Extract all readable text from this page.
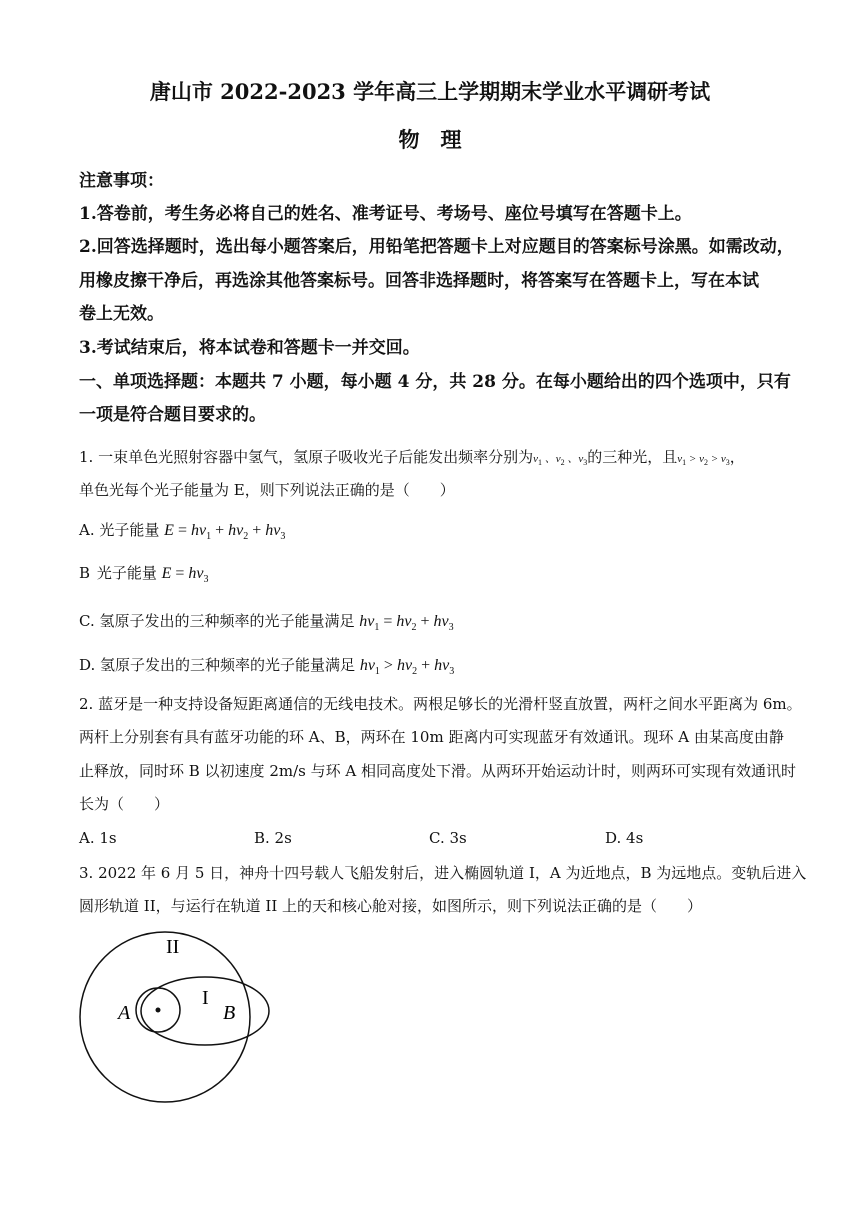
唐山市 2022-2023 学年高三上学期期末学业水平调研考试
物　理
注意事项：
1.答卷前，考生务必将自己的姓名、准考证号、考场号、座位号填写在答题卡上。
2.回答选择题时，选出每小题答案后，用铅笔把答题卡上对应题目的答案标号涂黑。如需改动，
用橡皮擦干净后，再选涂其他答案标号。回答非选择题时，将答案写在答题卡上，写在本试
卷上无效。
3.考试结束后，将本试卷和答题卡一并交回。
一、单项选择题：本题共 7 小题，每小题 4 分，共 28 分。在每小题给出的四个选项中，只有
一项是符合题目要求的。
1. 一束单色光照射容器中氢气，氢原子吸收光子后能发出频率分别为$\nu_1$ 、$\nu_2$ 、$\nu_3$的三种光，且$\nu_1 > \nu_2 > \nu_3$，
单色光每个光子能量为 E，则下列说法正确的是（　　）
A. 光子能量 $E = h\nu_1 + h\nu_2 + h\nu_3$
B 光子能量 $E = h\nu_3$
C. 氢原子发出的三种频率的光子能量满足 $h\nu_1 = h\nu_2 + h\nu_3$
D. 氢原子发出的三种频率的光子能量满足 $h\nu_1 > h\nu_2 + h\nu_3$
2. 蓝牙是一种支持设备短距离通信的无线电技术。两根足够长的光滑杆竖直放置，两杆之间水平距离为 6m。
两杆上分别套有具有蓝牙功能的环 A、B，两环在 10m 距离内可实现蓝牙有效通讯。现环 A 由某高度由静
止释放，同时环 B 以初速度 2m/s 与环 A 相同高度处下滑。从两环开始运动计时，则两环可实现有效通讯时
长为（　　）
A. 1s	B. 2s	C. 3s	D. 4s
3. 2022 年 6 月 5 日，神舟十四号载人飞船发射后，进入椭圆轨道 I，A 为近地点，B 为远地点。变轨后进入
圆形轨道 II，与运行在轨道 II 上的天和核心舱对接，如图所示，则下列说法正确的是（　　）
II
I
A	B
